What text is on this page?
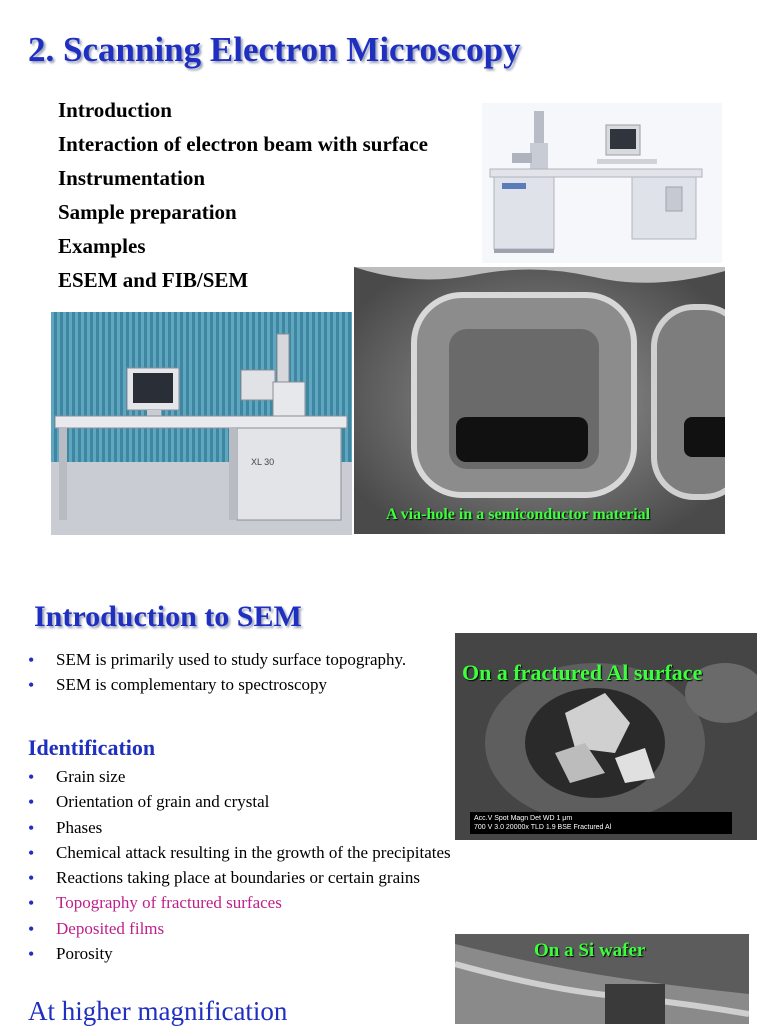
2. Scanning Electron Microscopy
Introduction
Interaction of electron beam with surface
Instrumentation
Sample preparation
Examples
ESEM and FIB/SEM
XL 30
A via-hole in a semiconductor material
Introduction to SEM
• SEM is primarily used to study surface topography.
• SEM is complementary to spectroscopy
Identification
• Grain size
• Orientation of grain and crystal
• Phases
• Chemical attack resulting in the growth of the precipitates
• Reactions taking place at boundaries or certain grains
• Topography of fractured surfaces
• Deposited films
• Porosity
On a fractured Al surface
Acc.V Spot Magn Det WD 1 μm
700 V 3.0 20000x TLD 1.9 BSE Fractured Al
On a Si wafer
At higher magnification
